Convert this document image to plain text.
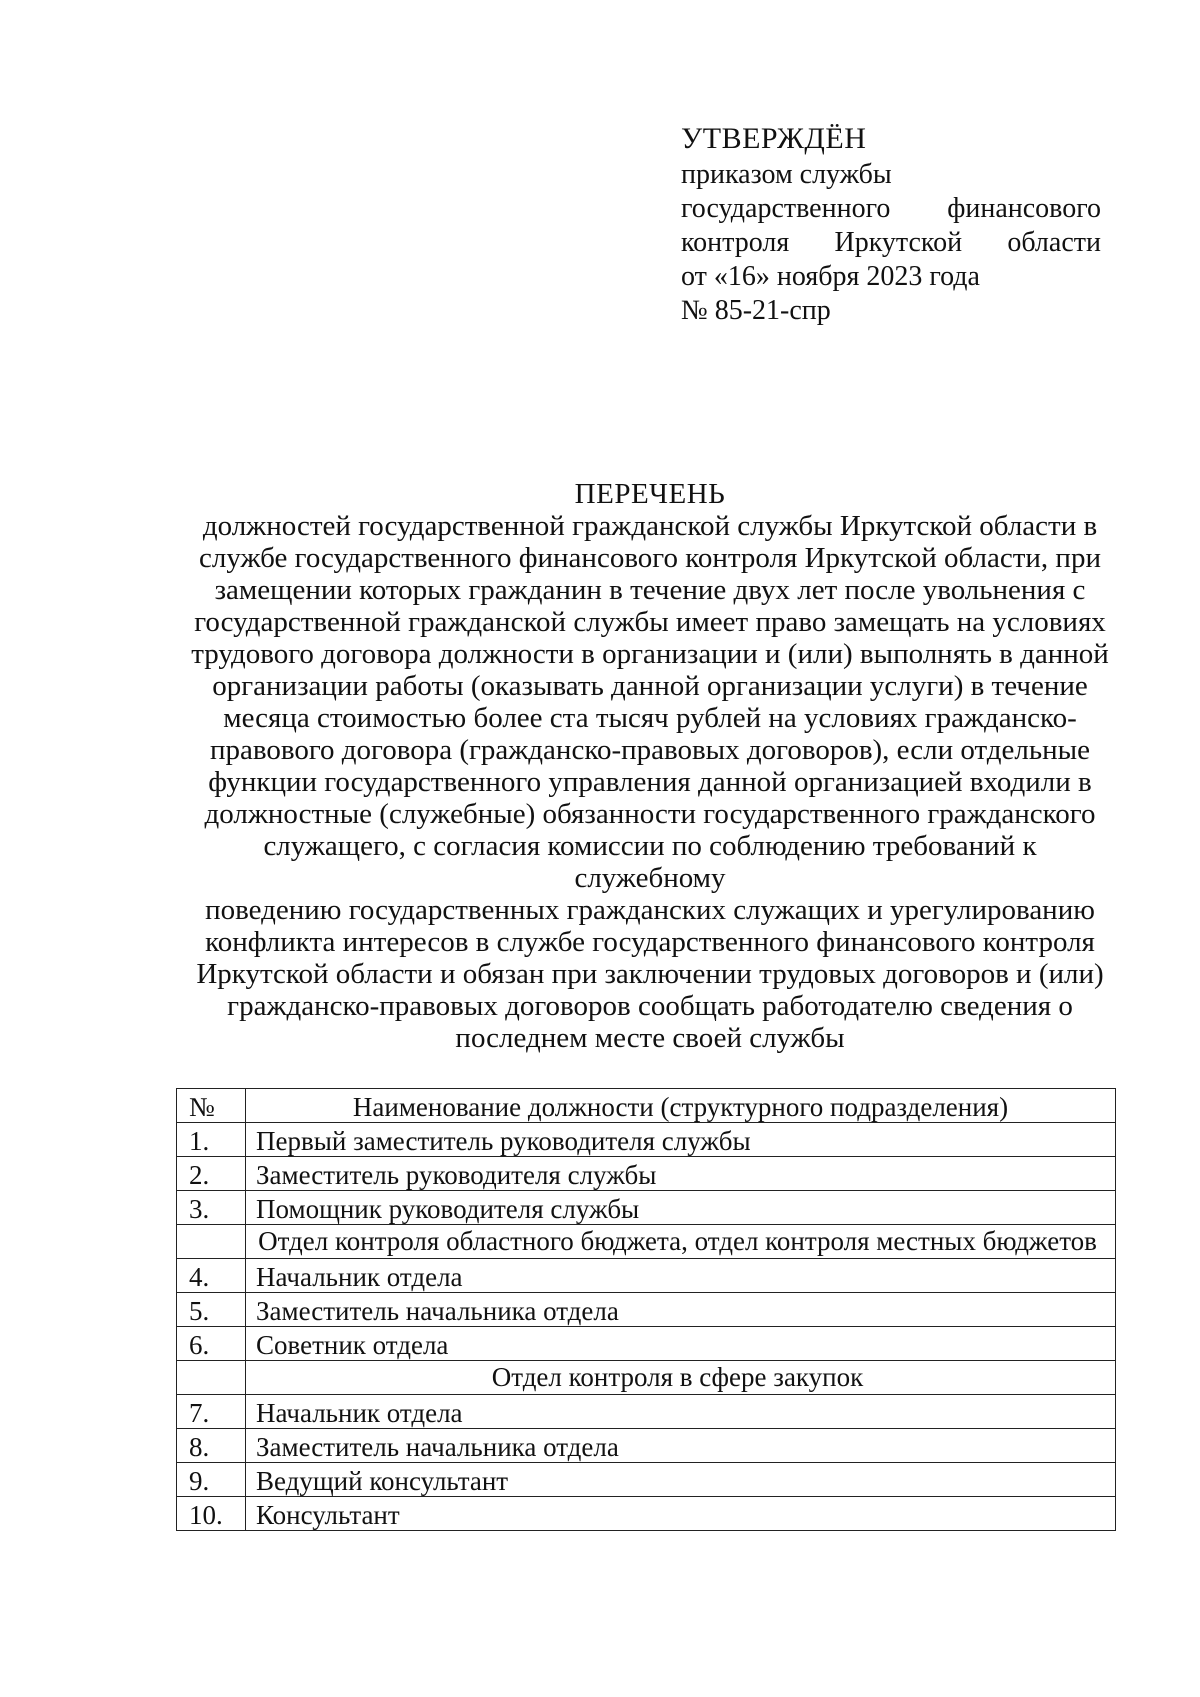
УТВЕРЖДЁН
приказом службы
государственного финансового
контроля Иркутской области
от «16» ноября 2023 года
№ 85-21-спр
ПЕРЕЧЕНЬ
должностей государственной гражданской службы Иркутской области в
службе государственного финансового контроля Иркутской области, при
замещении которых гражданин в течение двух лет после увольнения с
государственной гражданской службы имеет право замещать на условиях
трудового договора должности в организации и (или) выполнять в данной
организации работы (оказывать данной организации услуги) в течение
месяца стоимостью более ста тысяч рублей на условиях гражданско-
правового договора (гражданско-правовых договоров), если отдельные
функции государственного управления данной организацией входили в
должностные (служебные) обязанности государственного гражданского
служащего, с согласия комиссии по соблюдению требований к служебному
поведению государственных гражданских служащих и урегулированию
конфликта интересов в службе государственного финансового контроля
Иркутской области и обязан при заключении трудовых договоров и (или)
гражданско-правовых договоров сообщать работодателю сведения о
последнем месте своей службы
№	Наименование должности (структурного подразделения)
1.	Первый заместитель руководителя службы
2.	Заместитель руководителя службы
3.	Помощник руководителя службы
	Отдел контроля областного бюджета, отдел контроля местных бюджетов
4.	Начальник отдела
5.	Заместитель начальника отдела
6.	Советник отдела
	Отдел контроля в сфере закупок
7.	Начальник отдела
8.	Заместитель начальника отдела
9.	Ведущий консультант
10.	Консультант
